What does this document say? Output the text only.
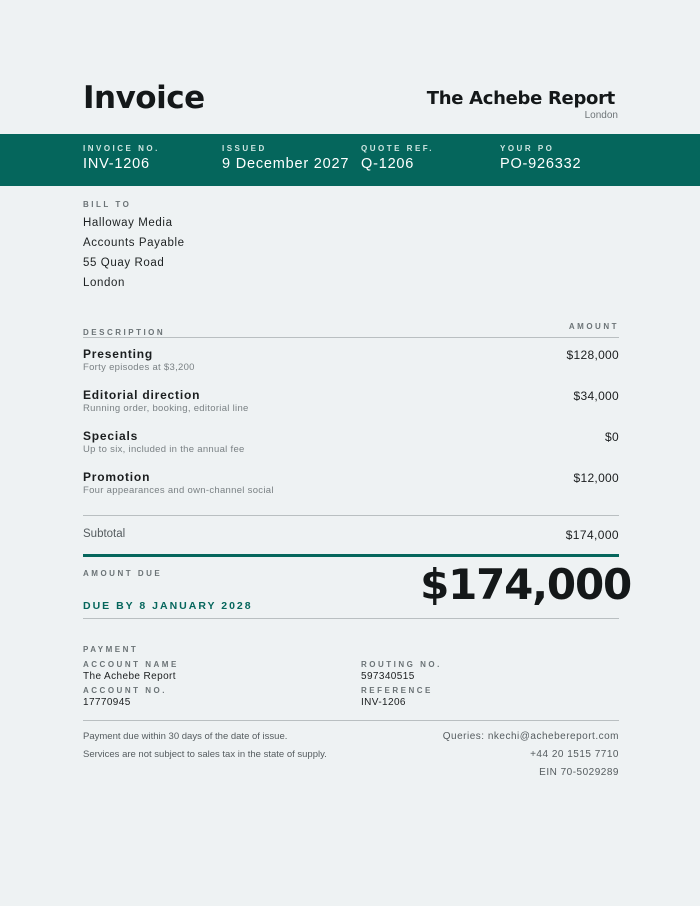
Invoice	The Achebe Report
London
INVOICE NO.
INV-1206
ISSUED
9 December 2027
QUOTE REF.
Q-1206
YOUR PO
PO-926332
BILL TO
Halloway Media
Accounts Payable
55 Quay Road
London
DESCRIPTION
AMOUNT
Presenting
Forty episodes at $3,200
$128,000
Editorial direction
Running order, booking, editorial line
$34,000
Specials
Up to six, included in the annual fee
$0
Promotion
Four appearances and own-channel social
$12,000
Subtotal	$174,000
AMOUNT DUE
DUE BY 8 JANUARY 2028	$174,000
PAYMENT
ACCOUNT NAME
The Achebe Report
ACCOUNT NO.
17770945
ROUTING NO.
597340515
REFERENCE
INV-1206
Payment due within 30 days of the date of issue.
Services are not subject to sales tax in the state of supply.
Queries: nkechi@achebereport.com
+44 20 1515 7710
EIN 70-5029289
